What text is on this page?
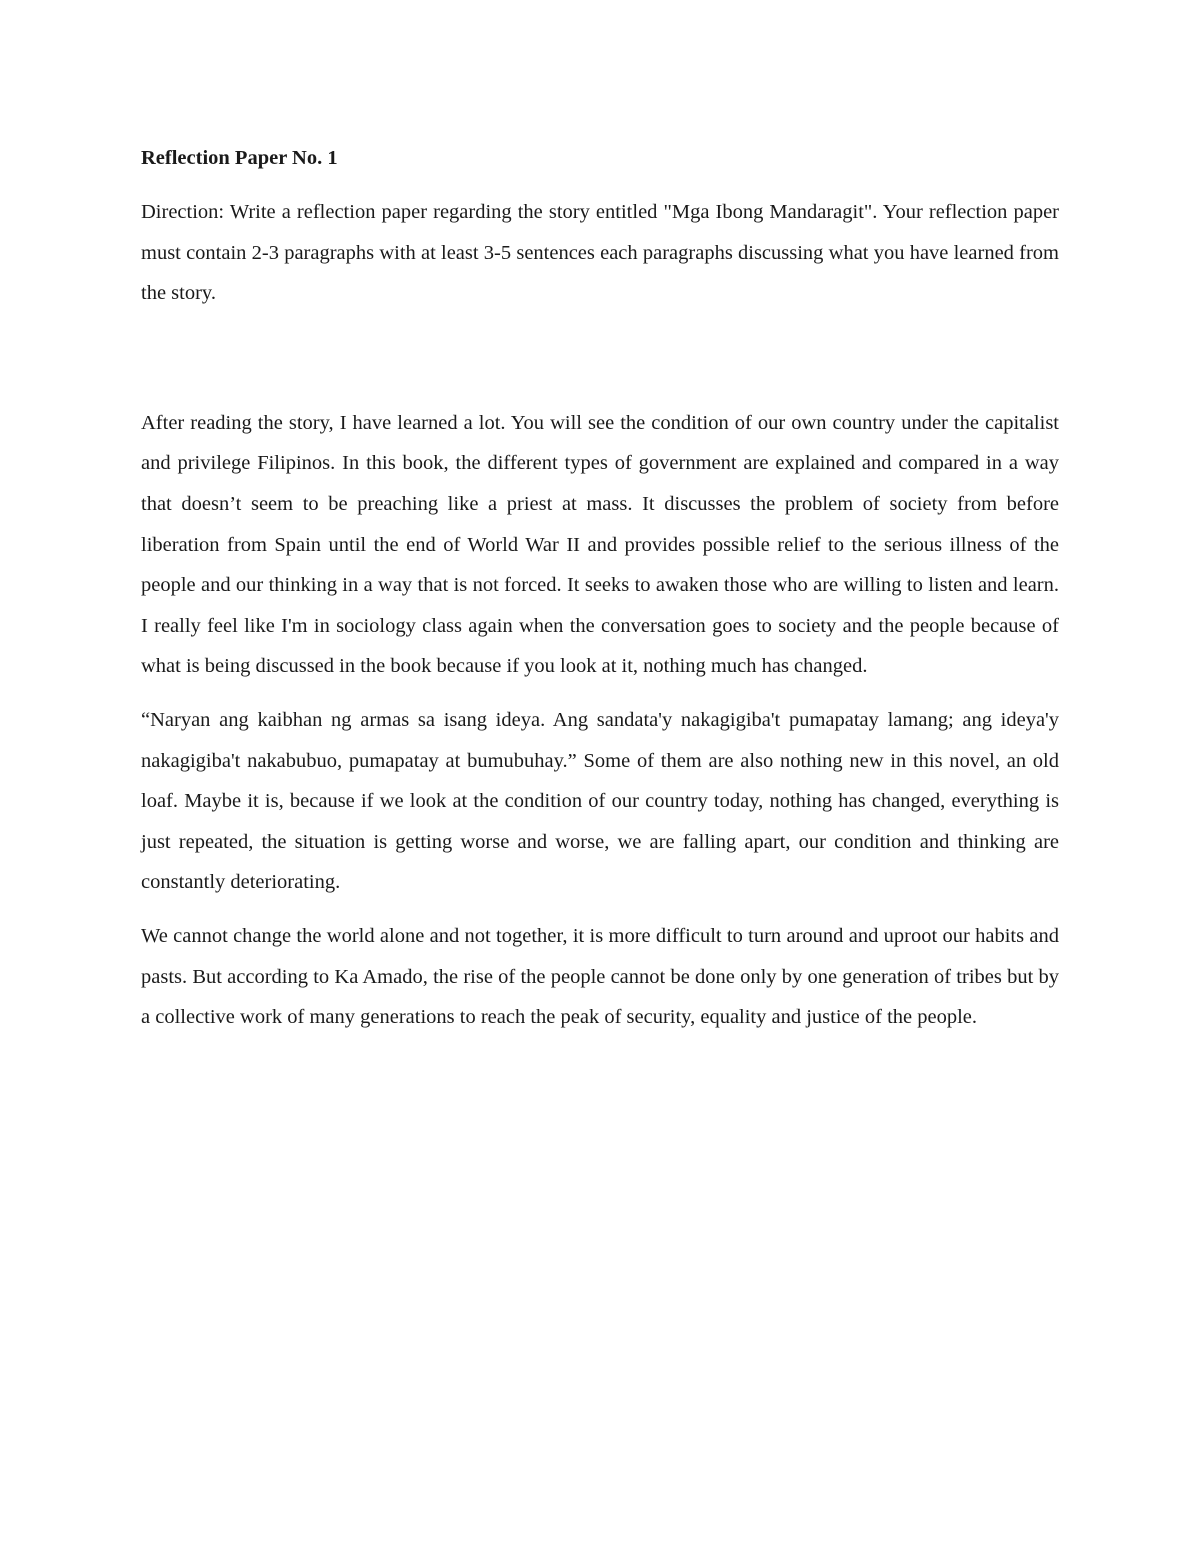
Reflection Paper No. 1

Direction: Write a reflection paper regarding the story entitled "Mga Ibong Mandaragit". Your reflection paper must contain 2-3 paragraphs with at least 3-5 sentences each paragraphs discussing what you have learned from the story.

After reading the story, I have learned a lot. You will see the condition of our own country under the capitalist and privilege Filipinos. In this book, the different types of government are explained and compared in a way that doesn’t seem to be preaching like a priest at mass. It discusses the problem of society from before liberation from Spain until the end of World War II and provides possible relief to the serious illness of the people and our thinking in a way that is not forced. It seeks to awaken those who are willing to listen and learn. I really feel like I'm in sociology class again when the conversation goes to society and the people because of what is being discussed in the book because if you look at it, nothing much has changed.

“Naryan ang kaibhan ng armas sa isang ideya. Ang sandata'y nakagigiba't pumapatay lamang; ang ideya'y nakagigiba't nakabubuo, pumapatay at bumubuhay.” Some of them are also nothing new in this novel, an old loaf. Maybe it is, because if we look at the condition of our country today, nothing has changed, everything is just repeated, the situation is getting worse and worse, we are falling apart, our condition and thinking are constantly deteriorating.

We cannot change the world alone and not together, it is more difficult to turn around and uproot our habits and pasts. But according to Ka Amado, the rise of the people cannot be done only by one generation of tribes but by a collective work of many generations to reach the peak of security, equality and justice of the people.
